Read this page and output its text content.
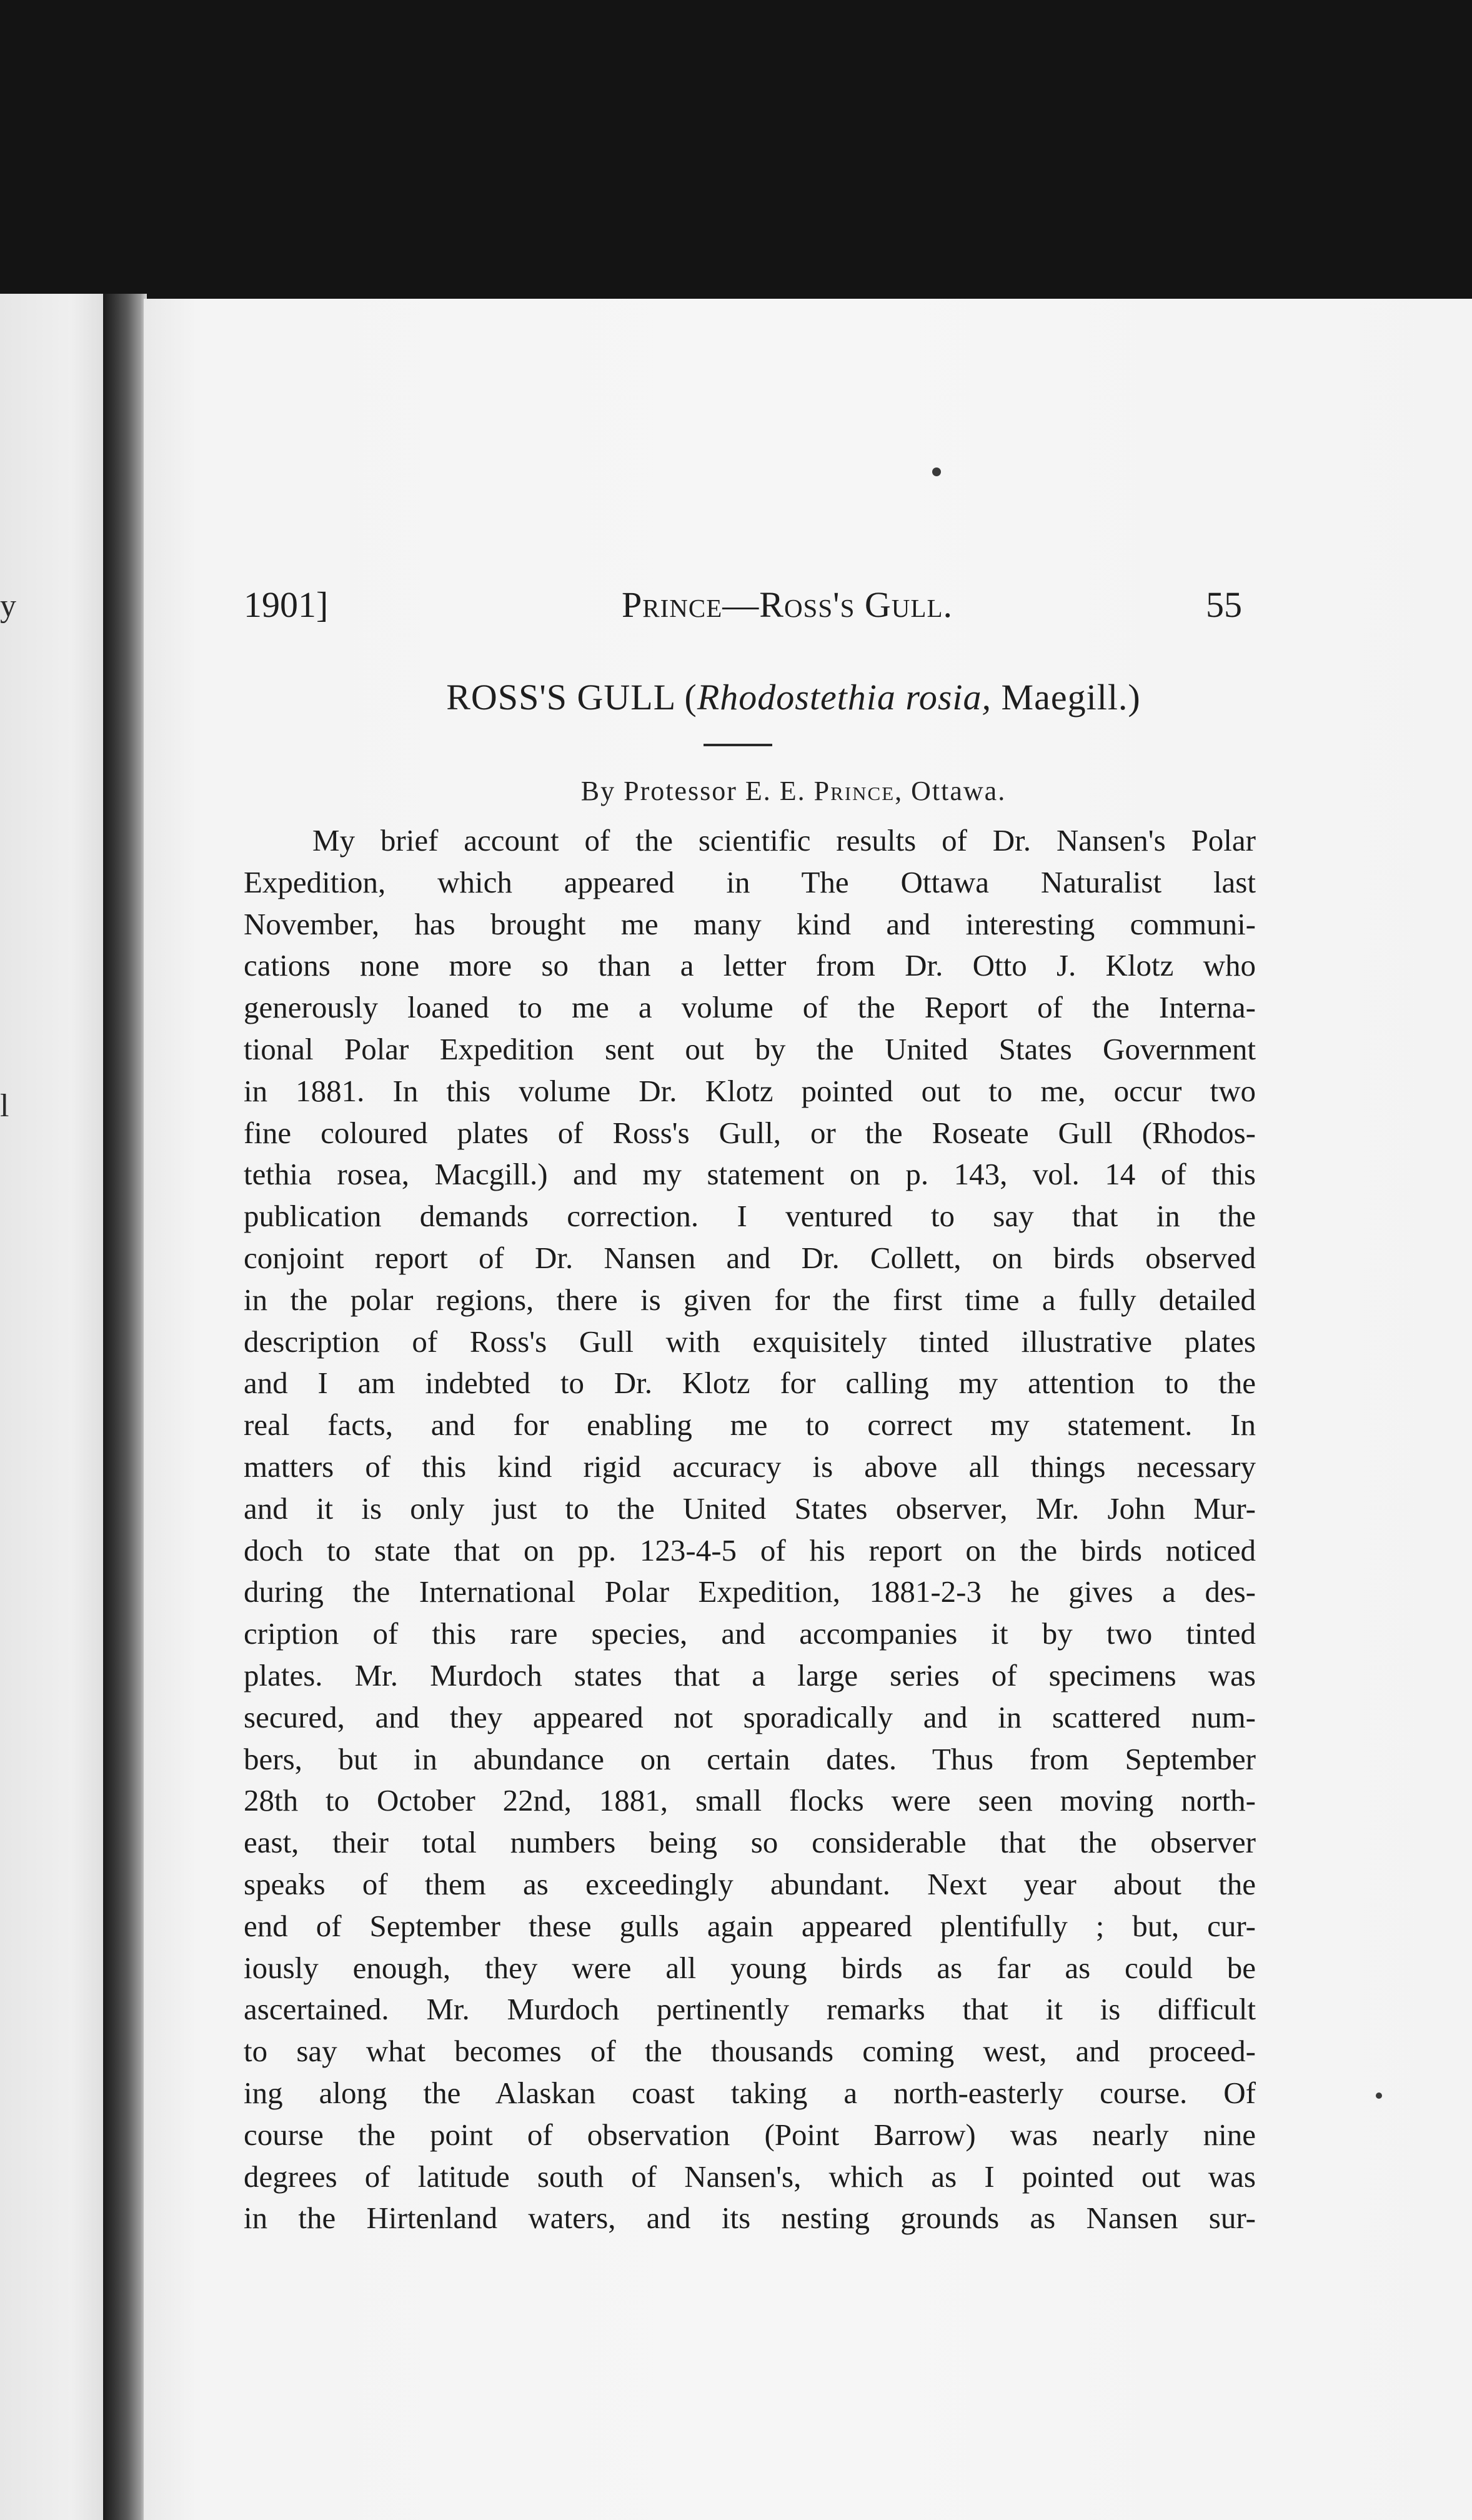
y
l
1901]	Prince—Ross's Gull.	55
ROSS'S GULL (Rhodostethia rosia, Maegill.)
By Protessor E. E. Prince, Ottawa.
My brief account of the scientific results of Dr. Nansen's Polar
Expedition, which appeared in The Ottawa Naturalist last
November, has brought me many kind and interesting communi-
cations none more so than a letter from Dr. Otto J. Klotz who
generously loaned to me a volume of the Report of the Interna-
tional Polar Expedition sent out by the United States Government
in 1881. In this volume Dr. Klotz pointed out to me, occur two
fine coloured plates of Ross's Gull, or the Roseate Gull (Rhodos-
tethia rosea, Macgill.) and my statement on p. 143, vol. 14 of this
publication demands correction. I ventured to say that in the
conjoint report of Dr. Nansen and Dr. Collett, on birds observed
in the polar regions, there is given for the first time a fully detailed
description of Ross's Gull with exquisitely tinted illustrative plates
and I am indebted to Dr. Klotz for calling my attention to the
real facts, and for enabling me to correct my statement. In
matters of this kind rigid accuracy is above all things necessary
and it is only just to the United States observer, Mr. John Mur-
doch to state that on pp. 123-4-5 of his report on the birds noticed
during the International Polar Expedition, 1881-2-3 he gives a des-
cription of this rare species, and accompanies it by two tinted
plates. Mr. Murdoch states that a large series of specimens was
secured, and they appeared not sporadically and in scattered num-
bers, but in abundance on certain dates. Thus from September
28th to October 22nd, 1881, small flocks were seen moving north-
east, their total numbers being so considerable that the observer
speaks of them as exceedingly abundant. Next year about the
end of September these gulls again appeared plentifully ; but, cur-
iously enough, they were all young birds as far as could be
ascertained. Mr. Murdoch pertinently remarks that it is difficult
to say what becomes of the thousands coming west, and proceed-
ing along the Alaskan coast taking a north-easterly course. Of
course the point of observation (Point Barrow) was nearly nine
degrees of latitude south of Nansen's, which as I pointed out was
in the Hirtenland waters, and its nesting grounds as Nansen sur-
